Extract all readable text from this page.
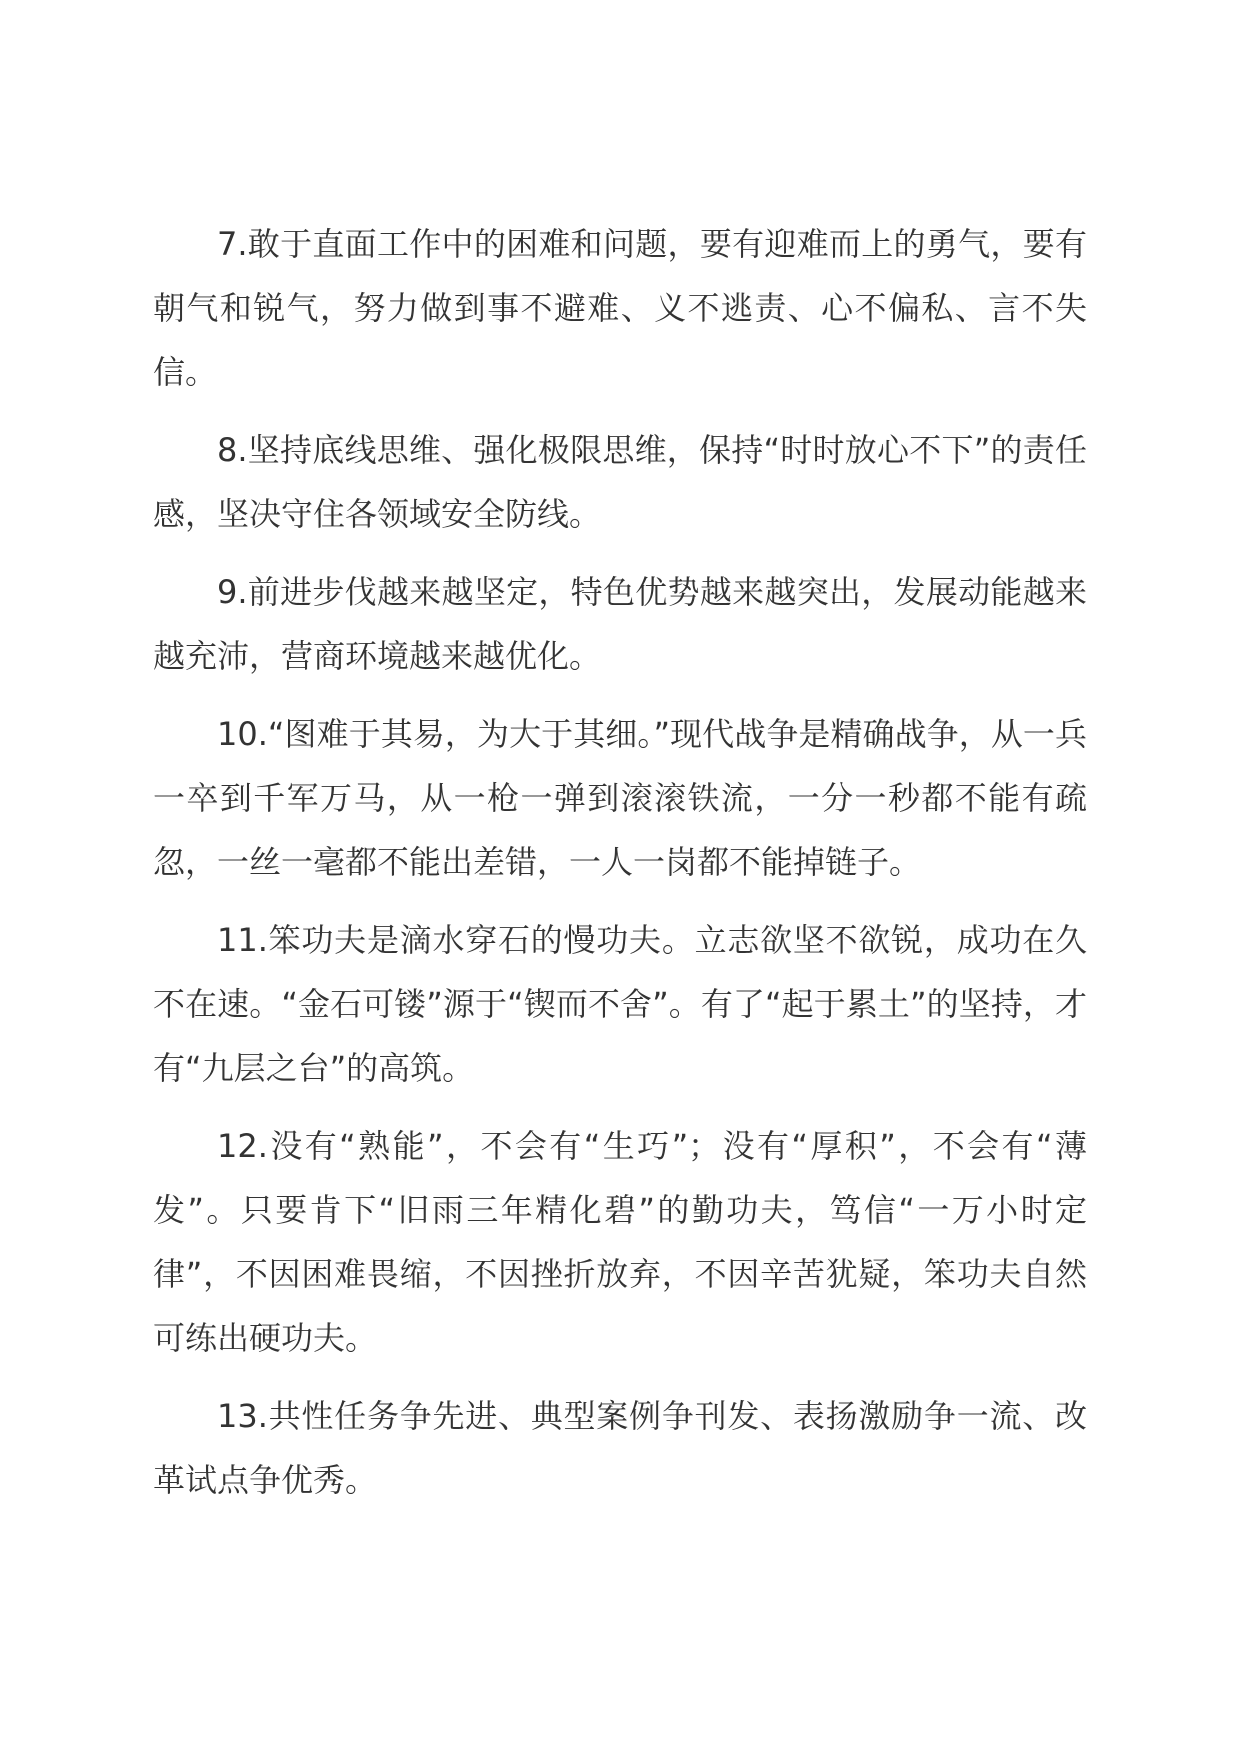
7.敢于直面工作中的困难和问题，要有迎难而上的勇气，要有朝气和锐气，努力做到事不避难、义不逃责、心不偏私、言不失信。

8.坚持底线思维、强化极限思维，保持“时时放心不下”的责任感，坚决守住各领域安全防线。

9.前进步伐越来越坚定，特色优势越来越突出，发展动能越来越充沛，营商环境越来越优化。

10.“图难于其易，为大于其细。”现代战争是精确战争，从一兵一卒到千军万马，从一枪一弹到滚滚铁流，一分一秒都不能有疏忽，一丝一毫都不能出差错，一人一岗都不能掉链子。

11.笨功夫是滴水穿石的慢功夫。立志欲坚不欲锐，成功在久不在速。“金石可镂”源于“锲而不舍”。有了“起于累土”的坚持，才有“九层之台”的高筑。

12.没有“熟能”，不会有“生巧”；没有“厚积”，不会有“薄发”。只要肯下“旧雨三年精化碧”的勤功夫，笃信“一万小时定律”，不因困难畏缩，不因挫折放弃，不因辛苦犹疑，笨功夫自然可练出硬功夫。

13.共性任务争先进、典型案例争刊发、表扬激励争一流、改革试点争优秀。
